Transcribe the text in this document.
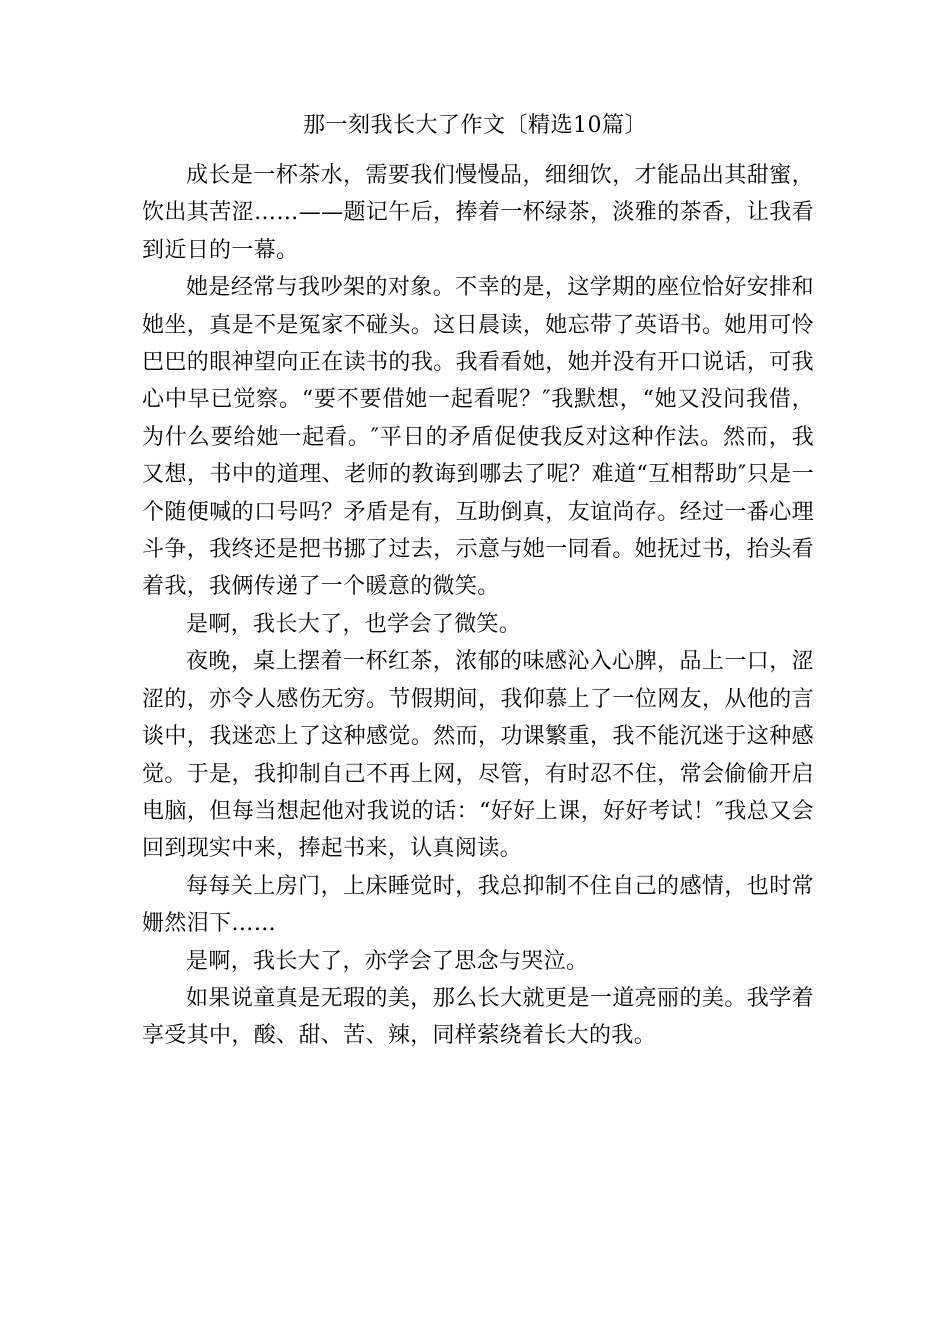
那一刻我长大了作文〔精选10篇〕

成长是一杯茶水，需要我们慢慢品，细细饮，才能品出其甜蜜，饮出其苦涩……——题记午后，捧着一杯绿茶，淡雅的茶香，让我看到近日的一幕。

她是经常与我吵架的对象。不幸的是，这学期的座位恰好安排和她坐，真是不是冤家不碰头。这日晨读，她忘带了英语书。她用可怜巴巴的眼神望向正在读书的我。我看看她，她并没有开口说话，可我心中早已觉察。“要不要借她一起看呢？″我默想，“她又没问我借，为什么要给她一起看。″平日的矛盾促使我反对这种作法。然而，我又想，书中的道理、老师的教诲到哪去了呢？难道“互相帮助″只是一个随便喊的口号吗？矛盾是有，互助倒真，友谊尚存。经过一番心理斗争，我终还是把书挪了过去，示意与她一同看。她抚过书，抬头看着我，我俩传递了一个暖意的微笑。

是啊，我长大了，也学会了微笑。

夜晚，桌上摆着一杯红茶，浓郁的味感沁入心脾，品上一口，涩涩的，亦令人感伤无穷。节假期间，我仰慕上了一位网友，从他的言谈中，我迷恋上了这种感觉。然而，功课繁重，我不能沉迷于这种感觉。于是，我抑制自己不再上网，尽管，有时忍不住，常会偷偷开启电脑，但每当想起他对我说的话：“好好上课，好好考试！″我总又会回到现实中来，捧起书来，认真阅读。

每每关上房门，上床睡觉时，我总抑制不住自己的感情，也时常姗然泪下……

是啊，我长大了，亦学会了思念与哭泣。

如果说童真是无瑕的美，那么长大就更是一道亮丽的美。我学着享受其中，酸、甜、苦、辣，同样萦绕着长大的我。
